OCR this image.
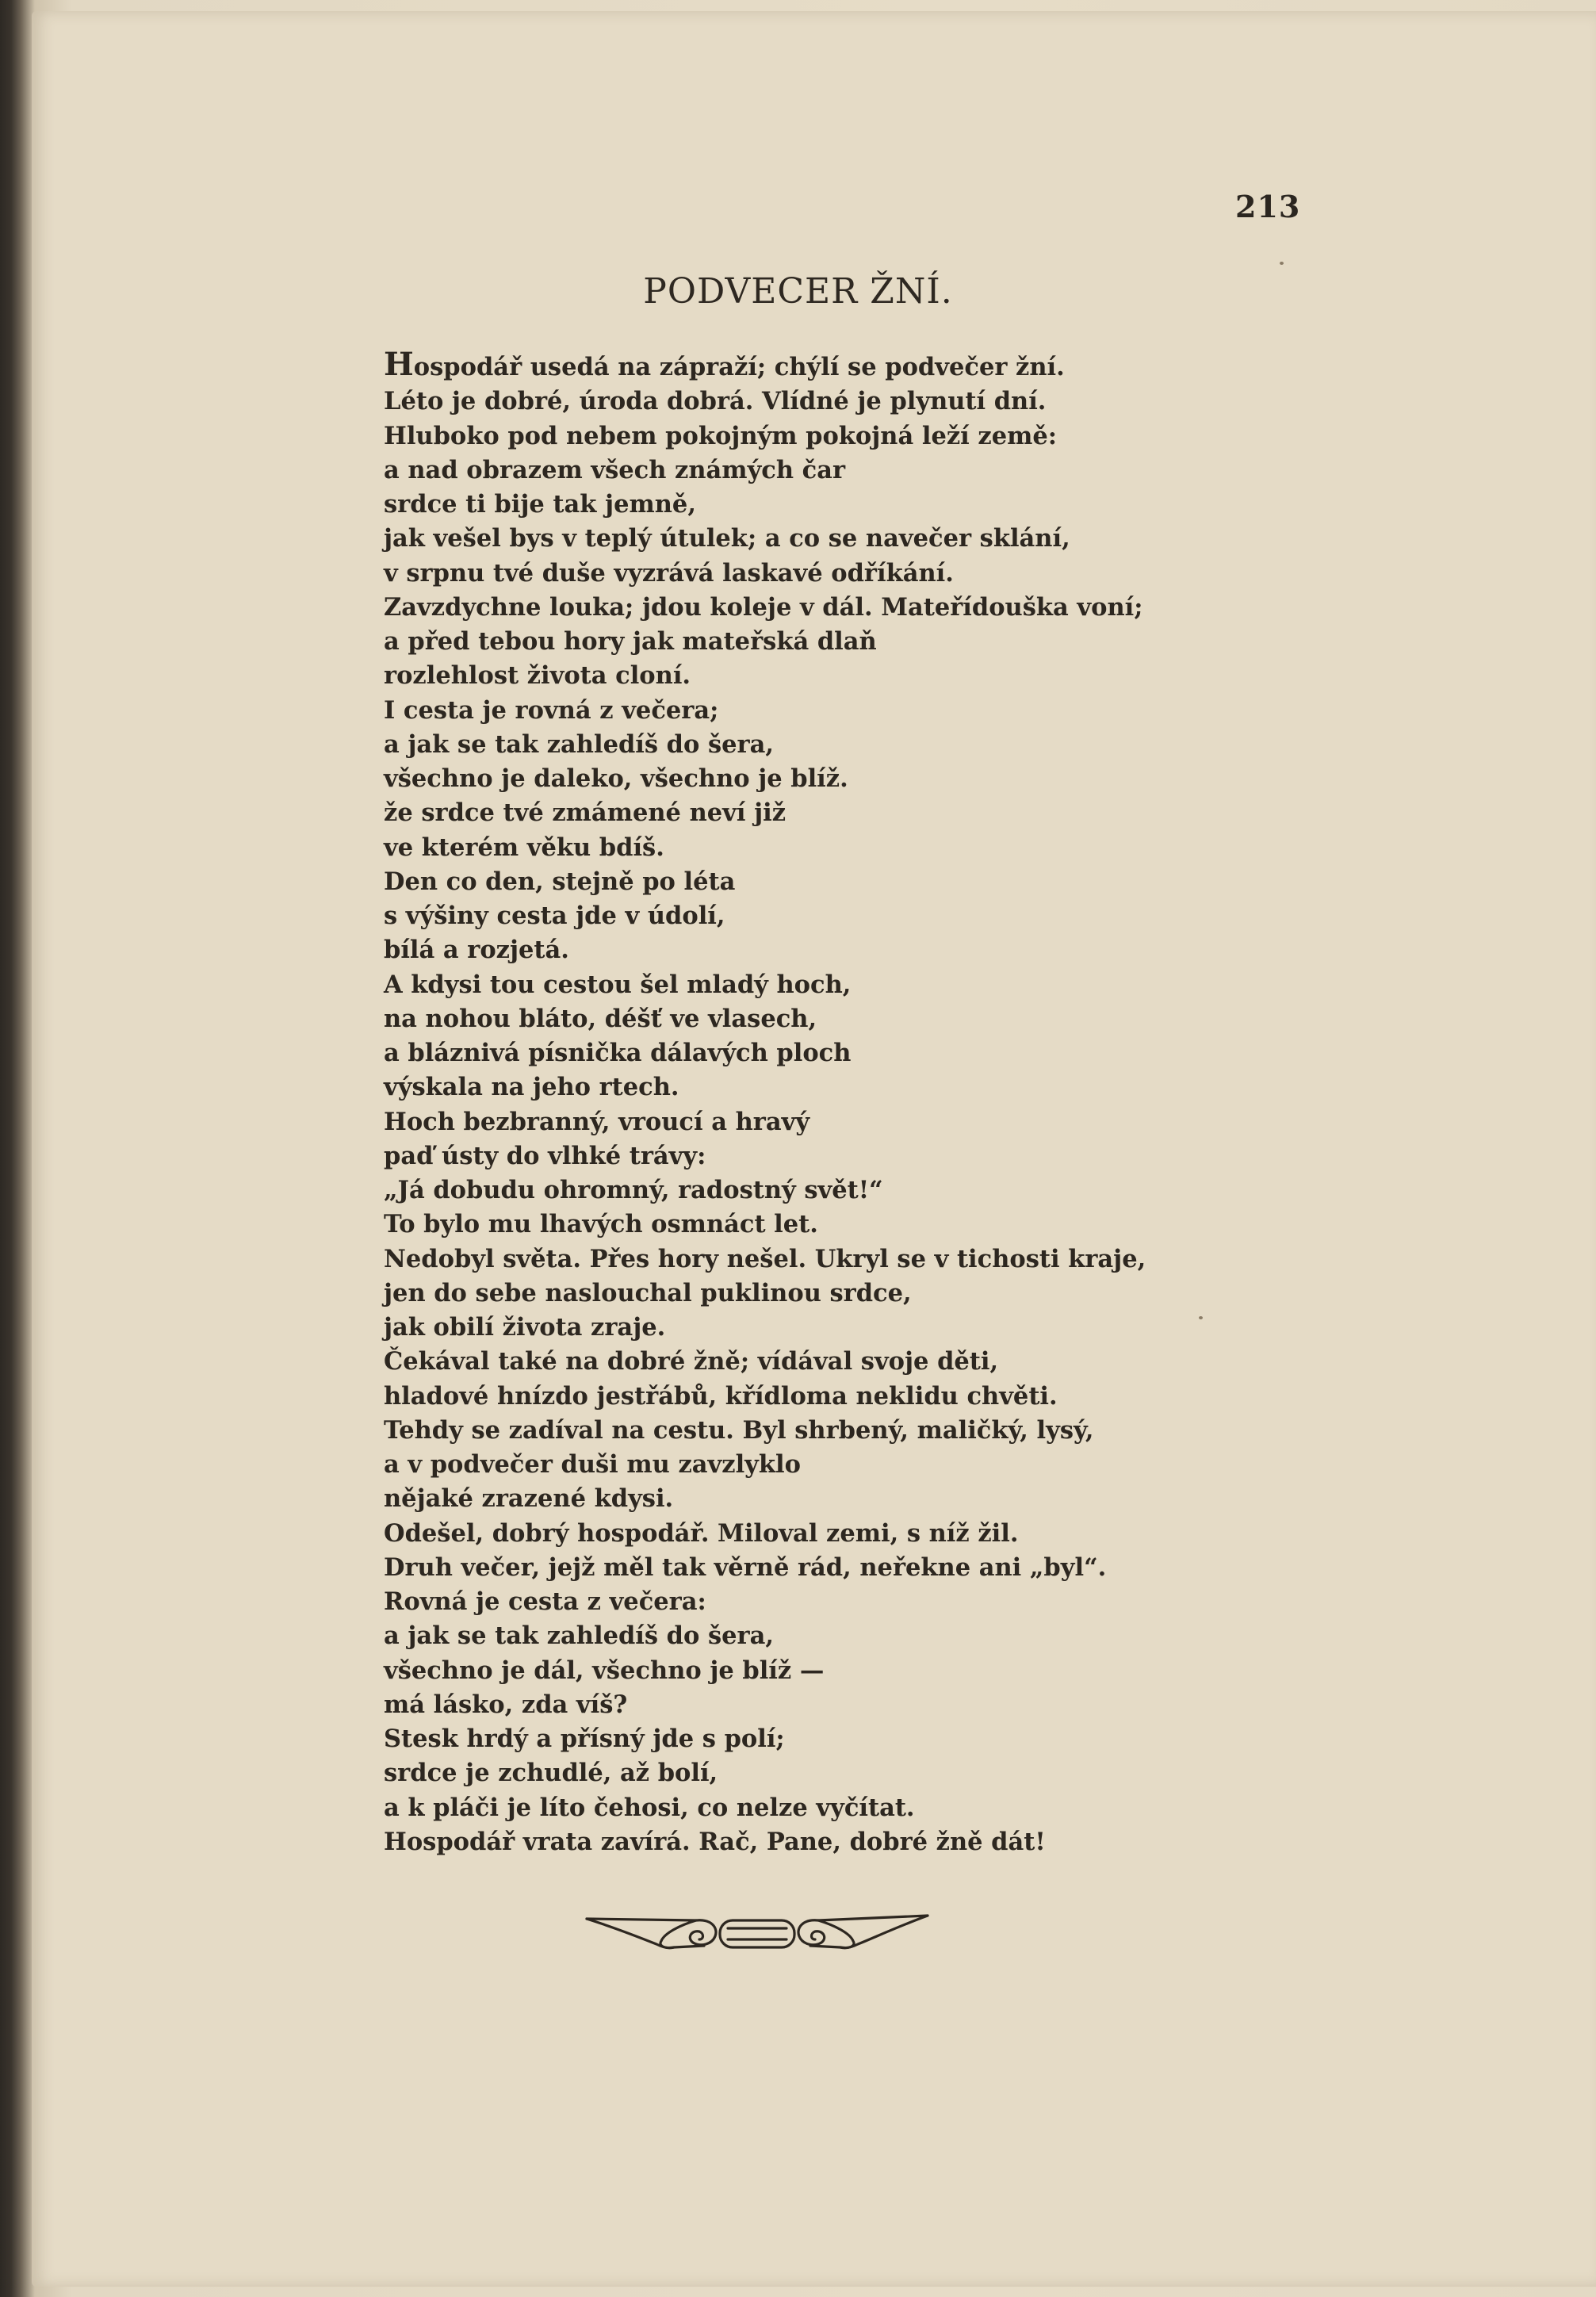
213
PODVECER ŽNÍ.
Hospodář usedá na zápraží; chýlí se podvečer žní.
Léto je dobré, úroda dobrá. Vlídné je plynutí dní.
Hluboko pod nebem pokojným pokojná leží země:
a nad obrazem všech známých čar
srdce ti bije tak jemně,
jak vešel bys v teplý útulek; a co se navečer sklání,
v srpnu tvé duše vyzrává laskavé odříkání.
Zavzdychne louka; jdou koleje v dál. Mateřídouška voní;
a před tebou hory jak mateřská dlaň
rozlehlost života cloní.
I cesta je rovná z večera;
a jak se tak zahledíš do šera,
všechno je daleko, všechno je blíž.
že srdce tvé zmámené neví již
ve kterém věku bdíš.
Den co den, stejně po léta
s výšiny cesta jde v údolí,
bílá a rozjetá.
A kdysi tou cestou šel mladý hoch,
na nohou bláto, déšť ve vlasech,
a bláznivá písnička dálavých ploch
výskala na jeho rtech.
Hoch bezbranný, vroucí a hravý
paď ústy do vlhké trávy:
„Já dobudu ohromný, radostný svět!“
To bylo mu lhavých osmnáct let.
Nedobyl světa. Přes hory nešel. Ukryl se v tichosti kraje,
jen do sebe naslouchal puklinou srdce,
jak obilí života zraje.
Čekával také na dobré žně; vídával svoje děti,
hladové hnízdo jestřábů, křídloma neklidu chvěti.
Tehdy se zadíval na cestu. Byl shrbený, maličký, lysý,
a v podvečer duši mu zavzlyklo
nějaké zrazené kdysi.
Odešel, dobrý hospodář. Miloval zemi, s níž žil.
Druh večer, jejž měl tak věrně rád, neřekne ani „byl“.
Rovná je cesta z večera:
a jak se tak zahledíš do šera,
všechno je dál, všechno je blíž —
má lásko, zda víš?
Stesk hrdý a přísný jde s polí;
srdce je zchudlé, až bolí,
a k pláči je líto čehosi, co nelze vyčítat.
Hospodář vrata zavírá. Rač, Pane, dobré žně dát!
